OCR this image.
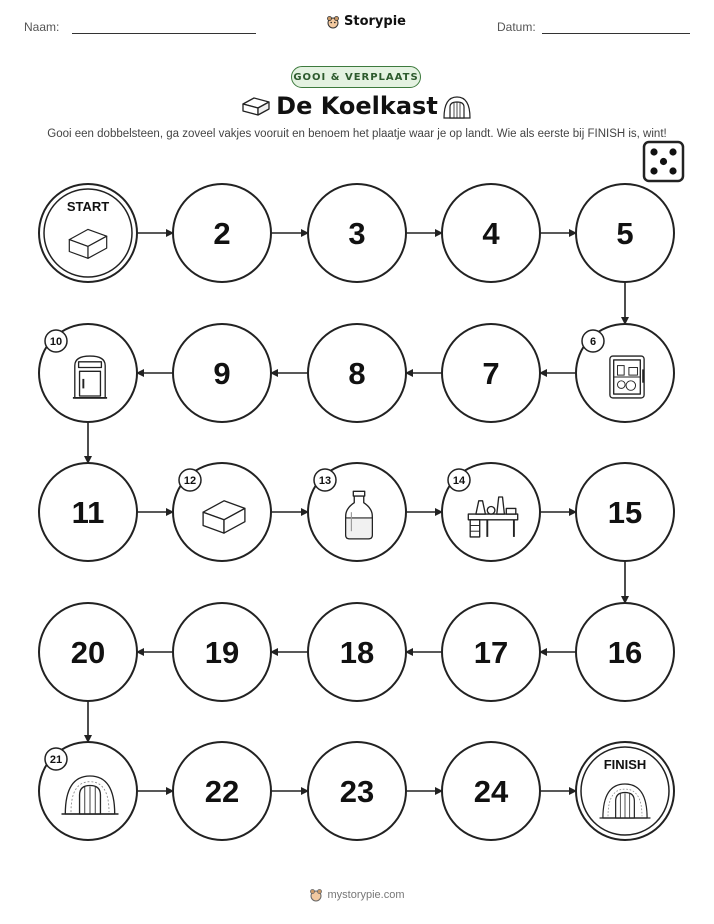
Naam:	Storypie	Datum:
GOOI & VERPLAATS
De Koelkast
Gooi een dobbelsteen, ga zoveel vakjes vooruit en benoem het plaatje waar je op landt. Wie als eerste bij FINISH is, wint!
START
2	3	4	5
6
7
8
9
10
11
12	13	14
15
16
17
18
19
20
21
22	23	24
FINISH
mystorypie.com
